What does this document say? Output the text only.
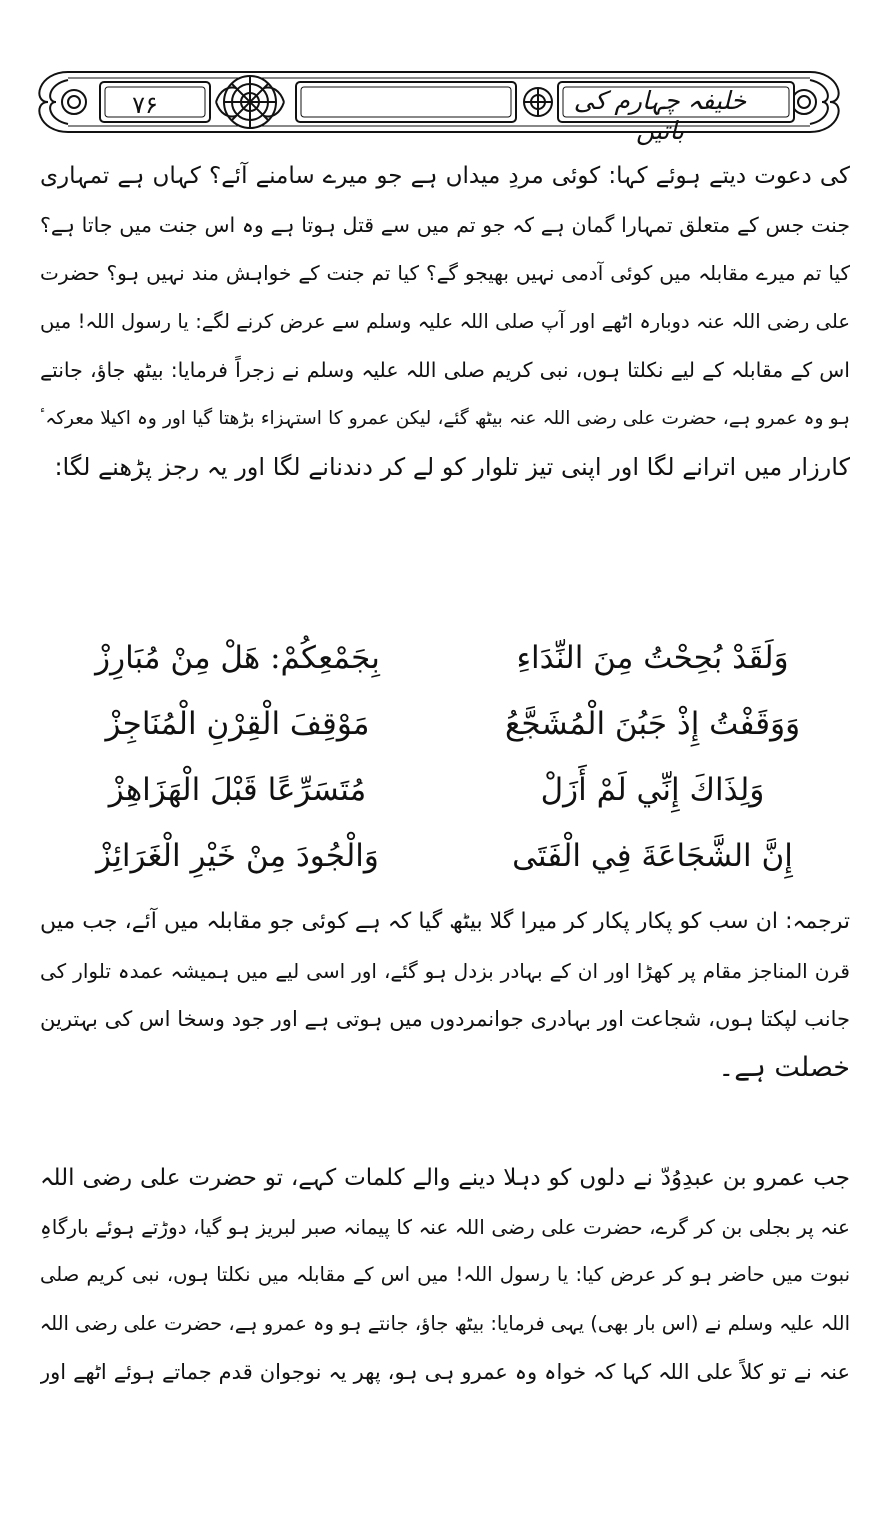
۷۶	خلیفہ چہارم کی باتیں
کی دعوت دیتے ہوئے کہا: کوئی مردِ میداں ہے جو میرے سامنے آئے؟ کہاں ہے تمہاری
جنت جس کے متعلق تمہارا گمان ہے کہ جو تم میں سے قتل ہوتا ہے وہ اس جنت میں جاتا ہے؟
کیا تم میرے مقابلہ میں کوئی آدمی نہیں بھیجو گے؟ کیا تم جنت کے خواہش مند نہیں ہو؟ حضرت
علی رضی اللہ عنہ دوبارہ اٹھے اور آپ صلی اللہ علیہ وسلم سے عرض کرنے لگے: یا رسول اللہ! میں
اس کے مقابلہ کے لیے نکلتا ہوں، نبی کریم صلی اللہ علیہ وسلم نے زجراً فرمایا: بیٹھ جاؤ، جانتے
ہو وہ عمرو ہے، حضرت علی رضی اللہ عنہ بیٹھ گئے، لیکن عمرو کا استہزاء بڑھتا گیا اور وہ اکیلا معرکہٴ
کارزار میں اترانے لگا اور اپنی تیز تلوار کو لے کر دندنانے لگا اور یہ رجز پڑھنے لگا:
وَلَقَدْ بُحِحْتُ مِنَ النِّدَاءِ
بِجَمْعِكُمْ: هَلْ مِنْ مُبَارِزْ
وَوَقَفْتُ إِذْ جَبُنَ الْمُشَجَّعُ
مَوْقِفَ الْقِرْنِ الْمُنَاجِزْ
وَلِذَاكَ إِنِّي لَمْ أَزَلْ
مُتَسَرِّعًا قَبْلَ الْهَزَاهِزْ
إِنَّ الشَّجَاعَةَ فِي الْفَتَى
وَالْجُودَ مِنْ خَيْرِ الْغَرَائِزْ
ترجمہ: ان سب کو پکار پکار کر میرا گلا بیٹھ گیا کہ ہے کوئی جو مقابلہ میں آئے، جب میں
قرن المناجز مقام پر کھڑا اور ان کے بہادر بزدل ہو گئے، اور اسی لیے میں ہمیشہ عمدہ تلوار کی
جانب لپکتا ہوں، شجاعت اور بہادری جوانمردوں میں ہوتی ہے اور جود وسخا اس کی بہترین
خصلت ہے۔
جب عمرو بن عبدِوُدّ نے دلوں کو دہلا دینے والے کلمات کہے، تو حضرت علی رضی اللہ
عنہ پر بجلی بن کر گرے، حضرت علی رضی اللہ عنہ کا پیمانہ صبر لبریز ہو گیا، دوڑتے ہوئے بارگاہِ
نبوت میں حاضر ہو کر عرض کیا: یا رسول اللہ! میں اس کے مقابلہ میں نکلتا ہوں، نبی کریم صلی
اللہ علیہ وسلم نے (اس بار بھی) یہی فرمایا: بیٹھ جاؤ، جانتے ہو وہ عمرو ہے، حضرت علی رضی اللہ
عنہ نے تو کلاً علی اللہ کہا کہ خواہ وہ عمرو ہی ہو، پھر یہ نوجوان قدم جماتے ہوئے اٹھے اور
